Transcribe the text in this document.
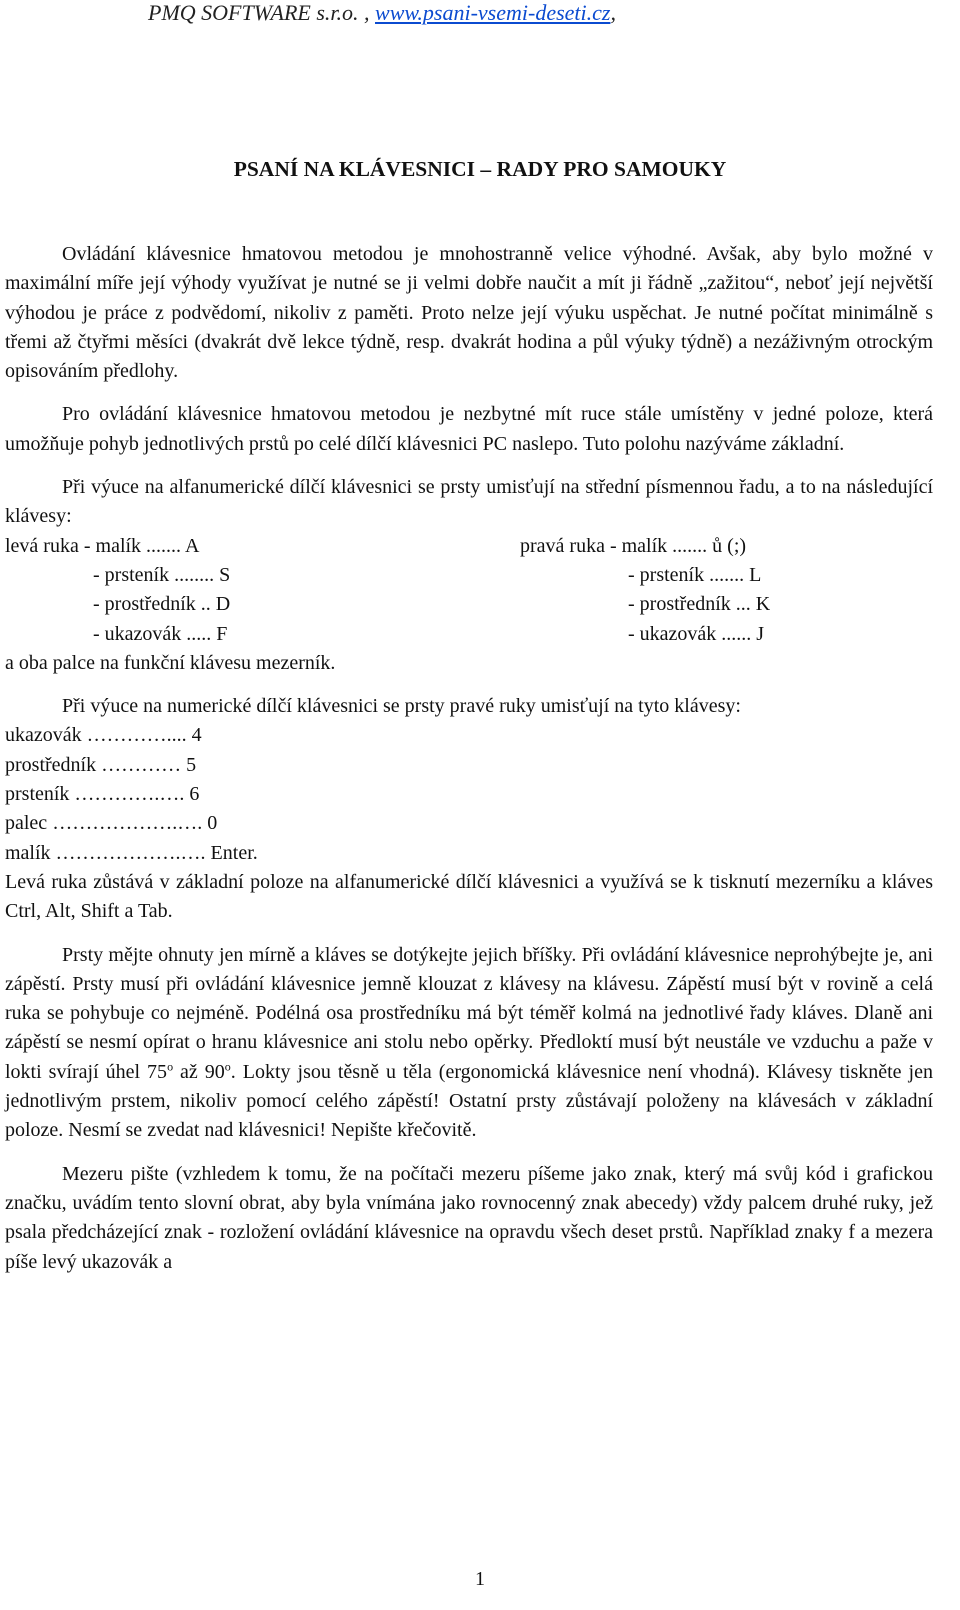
PMQ SOFTWARE s.r.o. , www.psani-vsemi-deseti.cz,
PSANÍ NA KLÁVESNICI – RADY PRO SAMOUKY

Ovládání klávesnice hmatovou metodou je mnohostranně velice výhodné. Avšak, aby bylo možné v maximální míře její výhody využívat je nutné se ji velmi dobře naučit a mít ji řádně „zažitou“, neboť její největší výhodou je práce z podvědomí, nikoliv z paměti. Proto nelze její výuku uspěchat. Je nutné počítat minimálně s třemi až čtyřmi měsíci (dvakrát dvě lekce týdně, resp. dvakrát hodina a půl výuky týdně) a nezáživným otrockým opisováním předlohy.

Pro ovládání klávesnice hmatovou metodou je nezbytné mít ruce stále umístěny v jedné poloze, která umožňuje pohyb jednotlivých prstů po celé dílčí klávesnici PC naslepo. Tuto polohu nazýváme základní.

Při výuce na alfanumerické dílčí klávesnici se prsty umisťují na střední písmennou řadu, a to na následující klávesy:

levá ruka - malík ....... A	pravá ruka - malík ....... ů (;)
- prsteník ........ S	- prsteník ....... L
- prostředník .. D	- prostředník ... K
- ukazovák ..... F	- ukazovák ...... J

a oba palce na funkční klávesu mezerník.

Při výuce na numerické dílčí klávesnici se prsty pravé ruky umisťují na tyto klávesy:

ukazovák ………….... 4
prostředník ………… 5
prsteník ………….…. 6
palec ……………….…. 0
malík ……………….…. Enter.

Levá ruka zůstává v základní poloze na alfanumerické dílčí klávesnici a využívá se k tisknutí mezerníku a kláves Ctrl, Alt, Shift a Tab.

Prsty mějte ohnuty jen mírně a kláves se dotýkejte jejich bříšky. Při ovládání klávesnice neprohýbejte je, ani zápěstí. Prsty musí při ovládání klávesnice jemně klouzat z klávesy na klávesu. Zápěstí musí být v rovině a celá ruka se pohybuje co nejméně. Podélná osa prostředníku má být téměř kolmá na jednotlivé řady kláves. Dlaně ani zápěstí se nesmí opírat o hranu klávesnice ani stolu nebo opěrky. Předloktí musí být neustále ve vzduchu a paže v lokti svírají úhel 75$^o$ až 90$^o$. Lokty jsou těsně u těla (ergonomická klávesnice není vhodná). Klávesy tiskněte jen jednotlivým prstem, nikoliv pomocí celého zápěstí! Ostatní prsty zůstávají položeny na klávesách v základní poloze. Nesmí se zvedat nad klávesnici! Nepište křečovitě.

Mezeru pište (vzhledem k tomu, že na počítači mezeru píšeme jako znak, který má svůj kód i grafickou značku, uvádím tento slovní obrat, aby byla vnímána jako rovnocenný znak abecedy) vždy palcem druhé ruky, jež psala předcházející znak - rozložení ovládání klávesnice na opravdu všech deset prstů. Například znaky f a mezera píše levý ukazovák a

1
